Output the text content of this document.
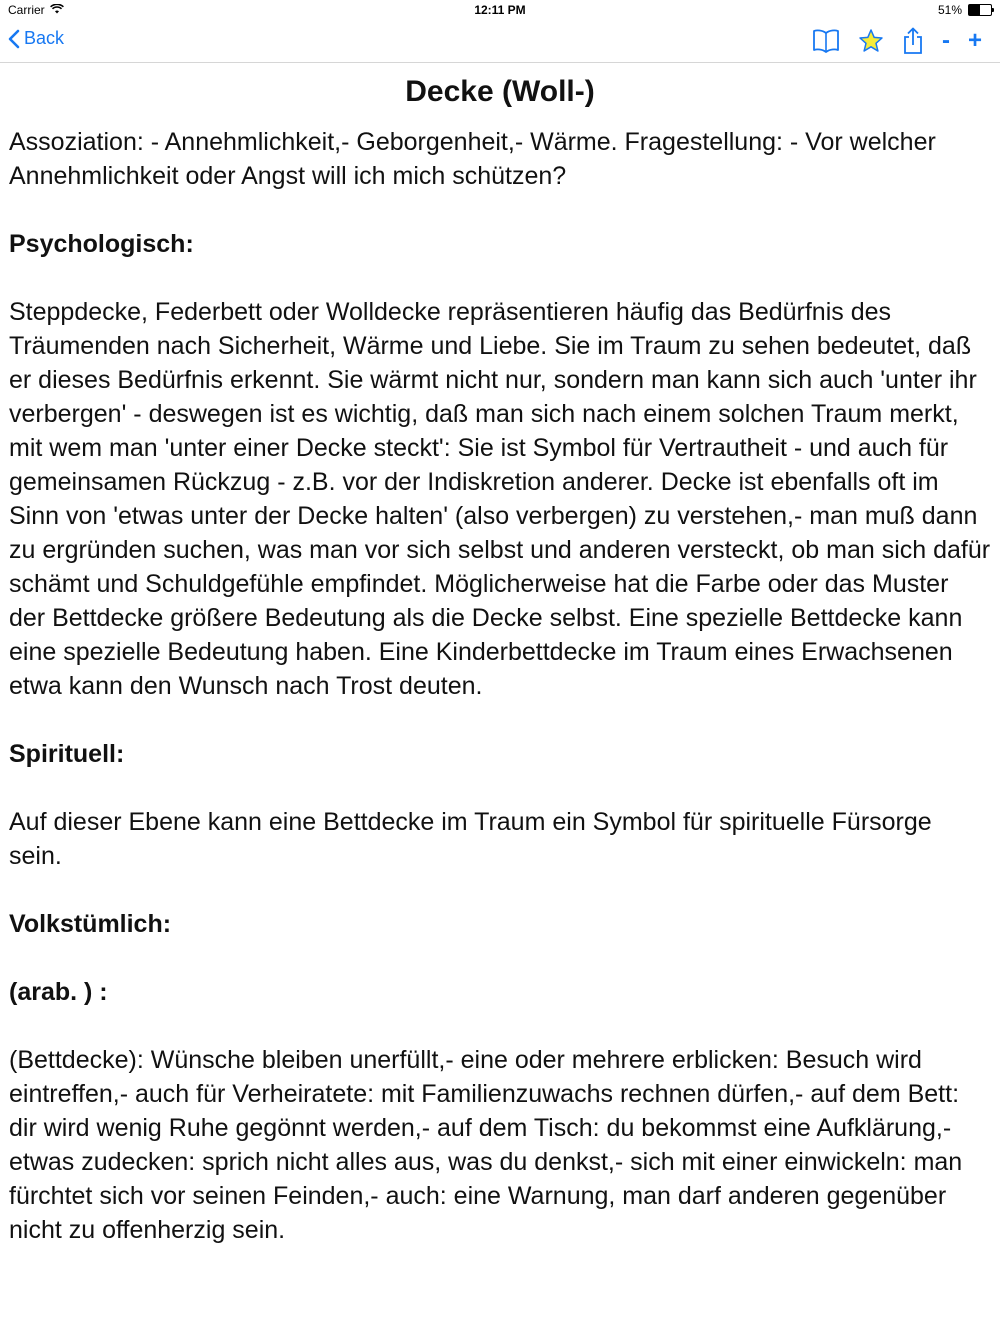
Carrier	12:11 PM	51%
Back	- +
Decke (Woll-)

Assoziation: - Annehmlichkeit,- Geborgenheit,- Wärme. Fragestellung: - Vor welcher Annehmlichkeit oder Angst will ich mich schützen?

Psychologisch:

Steppdecke, Federbett oder Wolldecke repräsentieren häufig das Bedürfnis des Träumenden nach Sicherheit, Wärme und Liebe. Sie im Traum zu sehen bedeutet, daß er dieses Bedürfnis erkennt. Sie wärmt nicht nur, sondern man kann sich auch 'unter ihr verbergen' - deswegen ist es wichtig, daß man sich nach einem solchen Traum merkt, mit wem man 'unter einer Decke steckt': Sie ist Symbol für Vertrautheit - und auch für gemeinsamen Rückzug - z.B. vor der Indiskretion anderer. Decke ist ebenfalls oft im Sinn von 'etwas unter der Decke halten' (also verbergen) zu verstehen,- man muß dann zu ergründen suchen, was man vor sich selbst und anderen versteckt, ob man sich dafür schämt und Schuldgefühle empfindet. Möglicherweise hat die Farbe oder das Muster der Bettdecke größere Bedeutung als die Decke selbst. Eine spezielle Bettdecke kann eine spezielle Bedeutung haben. Eine Kinderbettdecke im Traum eines Erwachsenen etwa kann den Wunsch nach Trost deuten.

Spirituell:

Auf dieser Ebene kann eine Bettdecke im Traum ein Symbol für spirituelle Fürsorge sein.

Volkstümlich:

(arab. ) :

(Bettdecke): Wünsche bleiben unerfüllt,- eine oder mehrere erblicken: Besuch wird eintreffen,- auch für Verheiratete: mit Familienzuwachs rechnen dürfen,- auf dem Bett: dir wird wenig Ruhe gegönnt werden,- auf dem Tisch: du bekommst eine Aufklärung,- etwas zudecken: sprich nicht alles aus, was du denkst,- sich mit einer einwickeln: man fürchtet sich vor seinen Feinden,- auch: eine Warnung, man darf anderen gegenüber nicht zu offenherzig sein.
